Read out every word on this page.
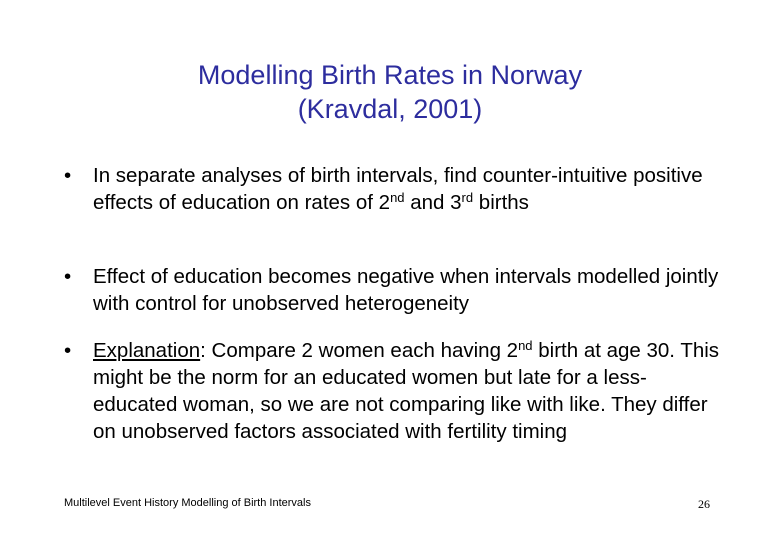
Modelling Birth Rates in Norway
(Kravdal, 2001)
•	In separate analyses of birth intervals, find counter-intuitive positive effects of education on rates of 2nd and 3rd births
•	Effect of education becomes negative when intervals modelled jointly with control for unobserved heterogeneity
•	Explanation: Compare 2 women each having 2nd birth at age 30. This might be the norm for an educated women but late for a less-educated woman, so we are not comparing like with like. They differ on unobserved factors associated with fertility timing
Multilevel Event History Modelling of Birth Intervals	26
